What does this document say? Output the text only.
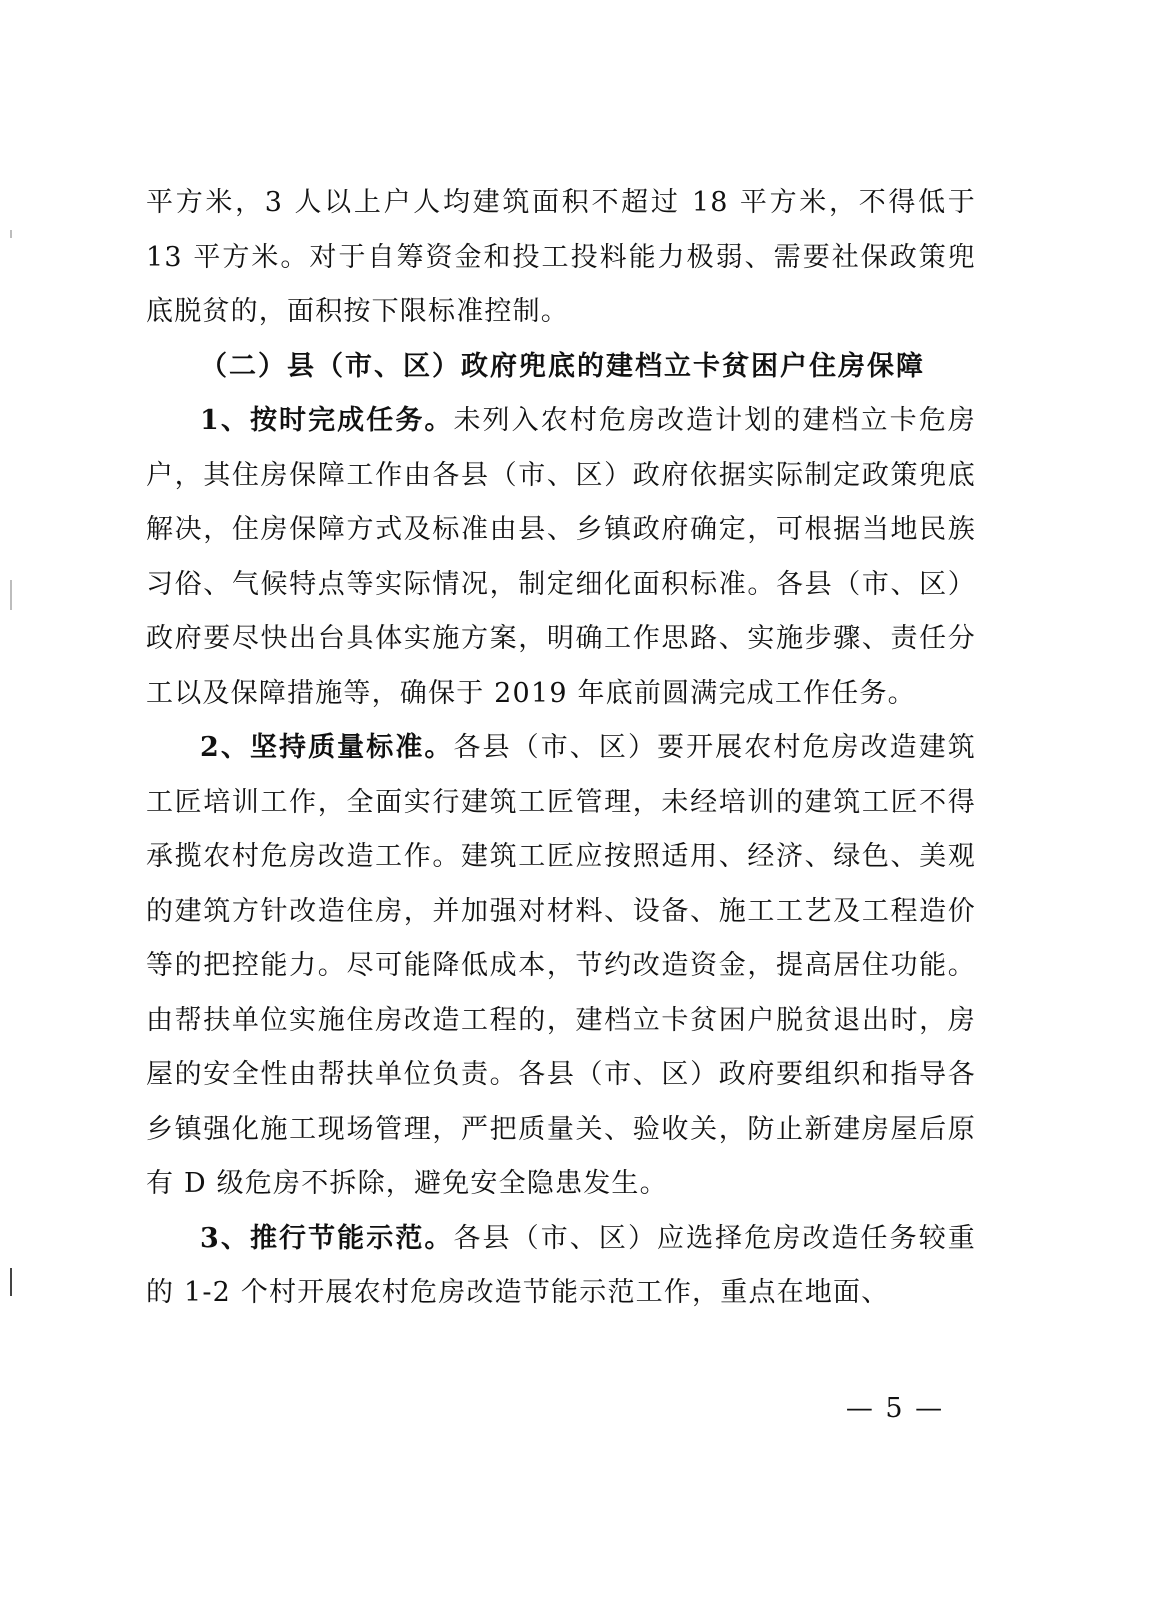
平方米，3 人以上户人均建筑面积不超过 18 平方米，不得低于 13 平方米。对于自筹资金和投工投料能力极弱、需要社保政策兜底脱贫的，面积按下限标准控制。

（二）县（市、区）政府兜底的建档立卡贫困户住房保障

1、按时完成任务。未列入农村危房改造计划的建档立卡危房户，其住房保障工作由各县（市、区）政府依据实际制定政策兜底解决，住房保障方式及标准由县、乡镇政府确定，可根据当地民族习俗、气候特点等实际情况，制定细化面积标准。各县（市、区）政府要尽快出台具体实施方案，明确工作思路、实施步骤、责任分工以及保障措施等，确保于 2019 年底前圆满完成工作任务。

2、坚持质量标准。各县（市、区）要开展农村危房改造建筑工匠培训工作，全面实行建筑工匠管理，未经培训的建筑工匠不得承揽农村危房改造工作。建筑工匠应按照适用、经济、绿色、美观的建筑方针改造住房，并加强对材料、设备、施工工艺及工程造价等的把控能力。尽可能降低成本，节约改造资金，提高居住功能。由帮扶单位实施住房改造工程的，建档立卡贫困户脱贫退出时，房屋的安全性由帮扶单位负责。各县（市、区）政府要组织和指导各乡镇强化施工现场管理，严把质量关、验收关，防止新建房屋后原有 D 级危房不拆除，避免安全隐患发生。

3、推行节能示范。各县（市、区）应选择危房改造任务较重的 1-2 个村开展农村危房改造节能示范工作，重点在地面、

— 5 —
